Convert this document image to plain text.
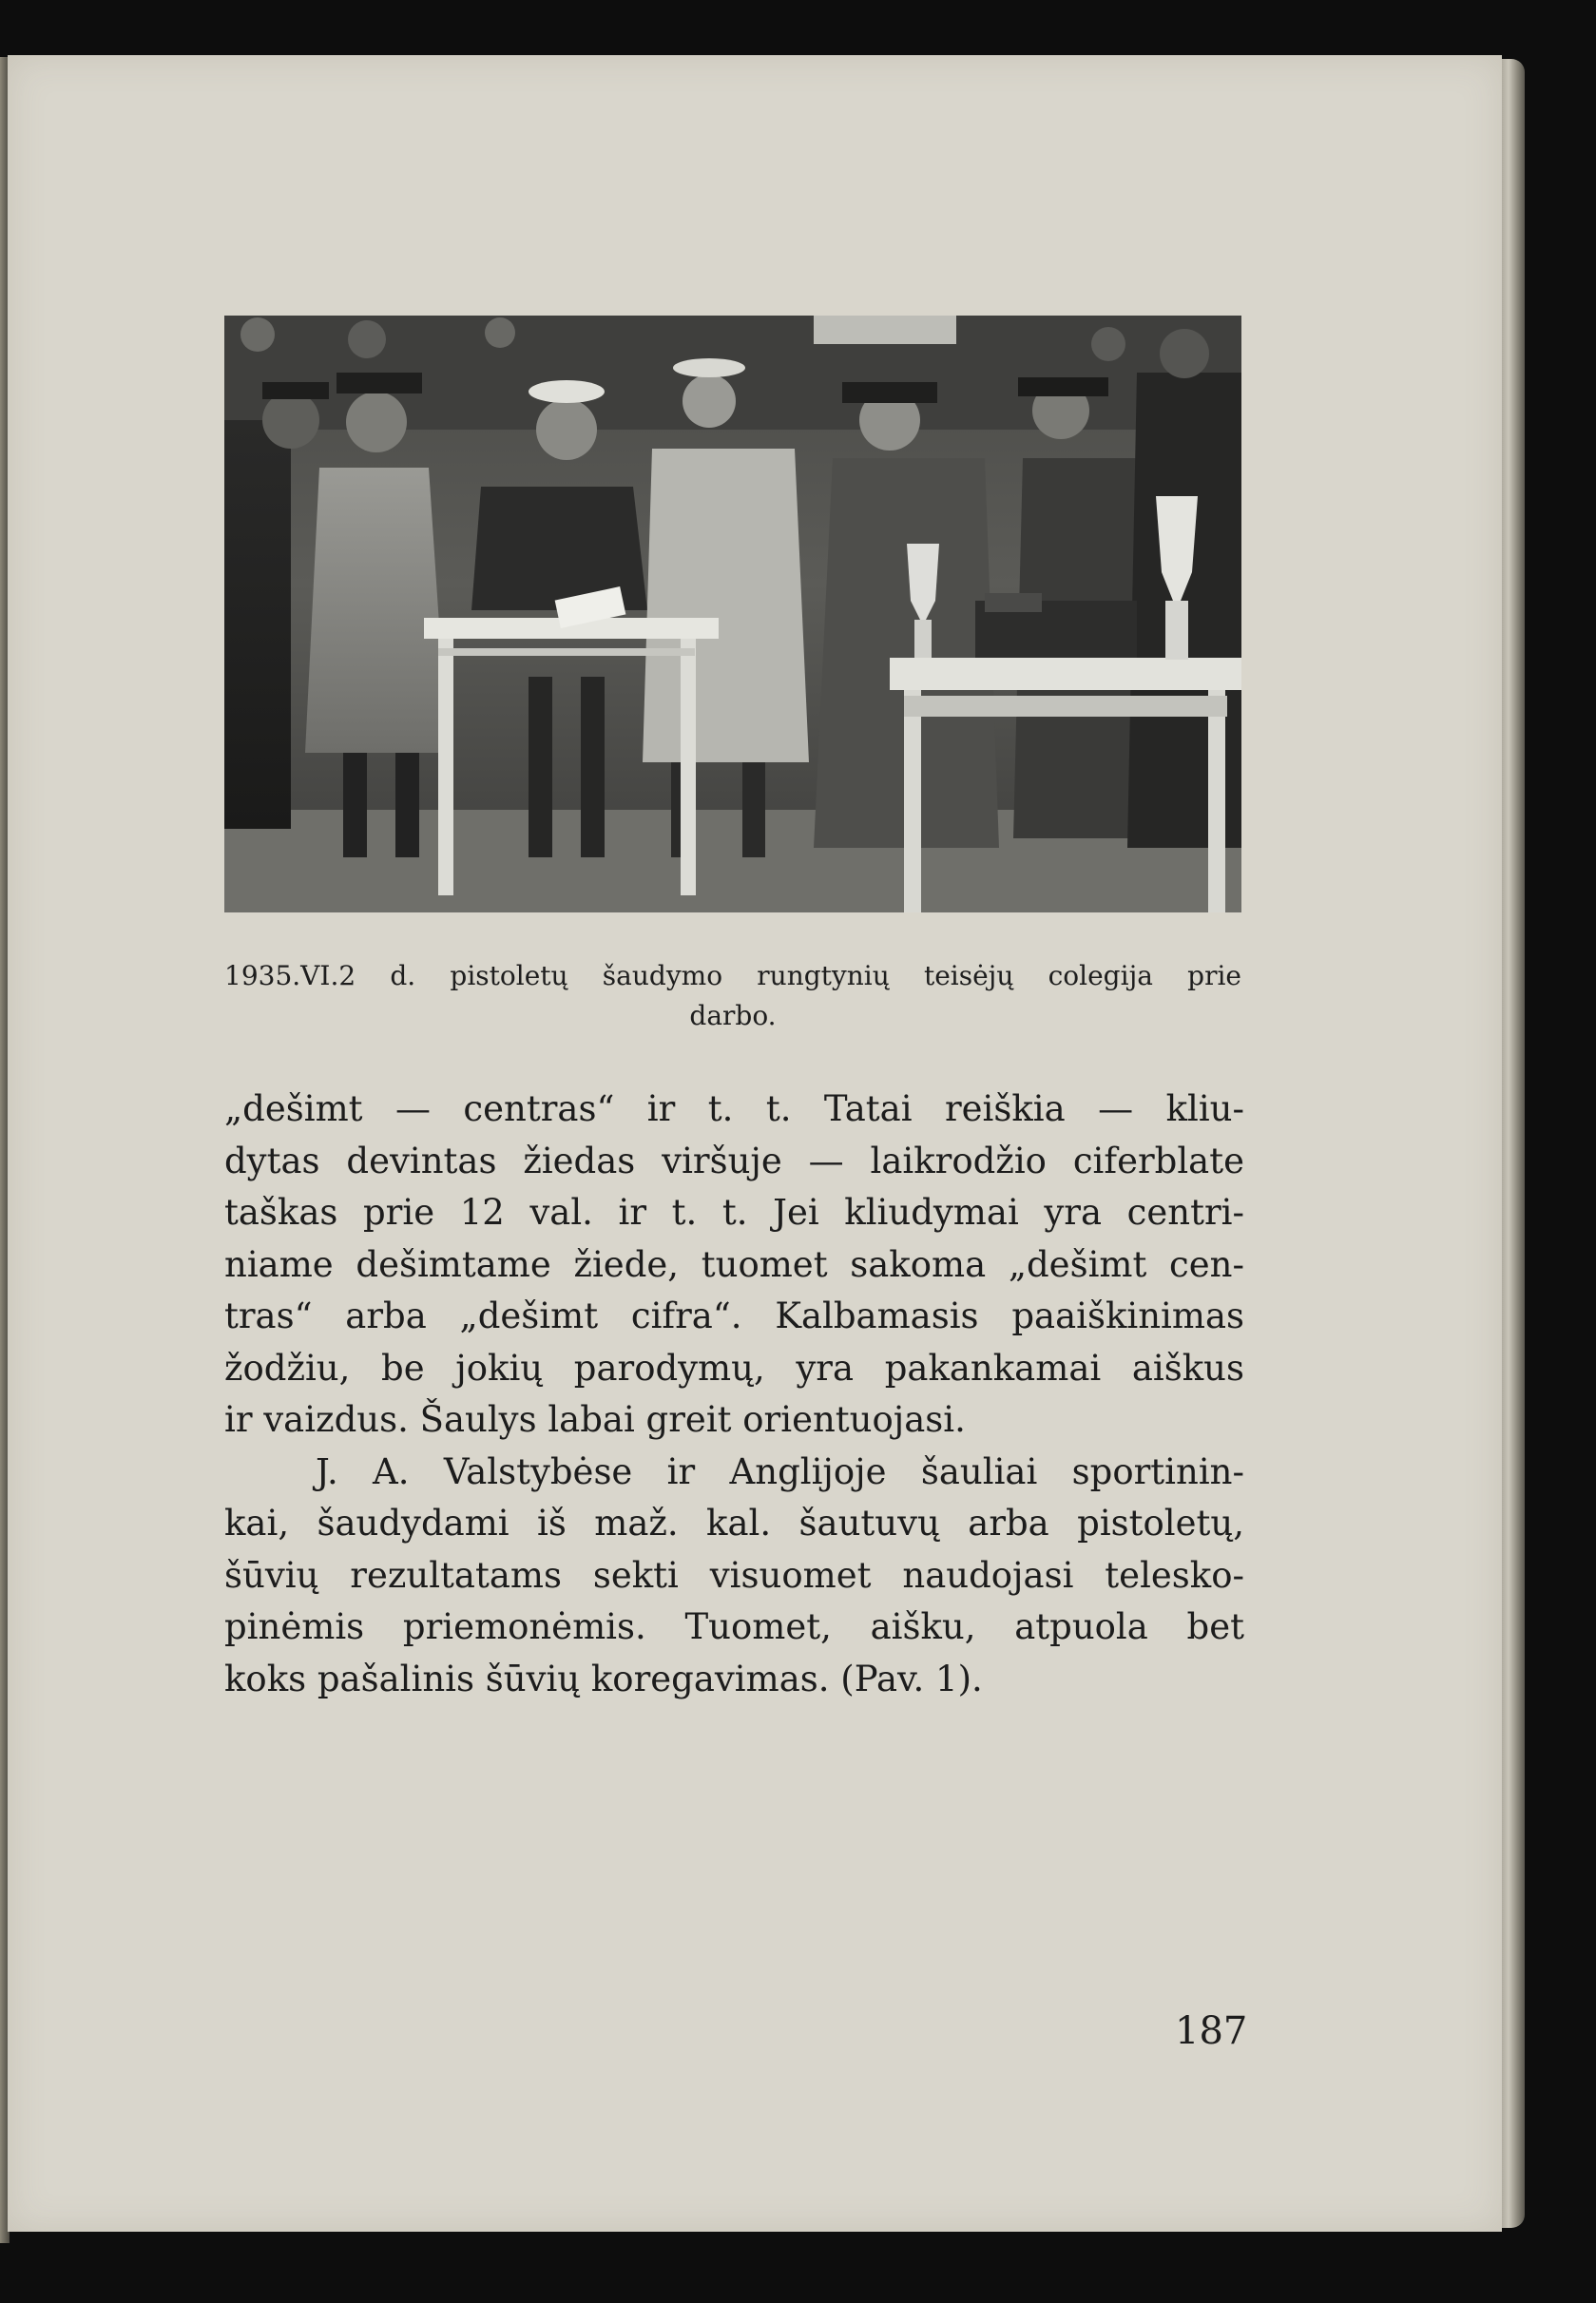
1935.VI.2 d. pistoletų šaudymo rungtynių teisėjų colegija prie
darbo.
„dešimt — centras“ ir t. t. Tatai reiškia — kliu-
dytas devintas žiedas viršuje — laikrodžio ciferblate
taškas prie 12 val. ir t. t. Jei kliudymai yra centri-
niame dešimtame žiede, tuomet sakoma „dešimt cen-
tras“ arba „dešimt cifra“. Kalbamasis paaiškinimas
žodžiu, be jokių parodymų, yra pakankamai aiškus
ir vaizdus. Šaulys labai greit orientuojasi.
J. A. Valstybėse ir Anglijoje šauliai sportinin-
kai, šaudydami iš maž. kal. šautuvų arba pistoletų,
šūvių rezultatams sekti visuomet naudojasi telesko-
pinėmis priemonėmis. Tuomet, aišku, atpuola bet
koks pašalinis šūvių koregavimas. (Pav. 1).
187
